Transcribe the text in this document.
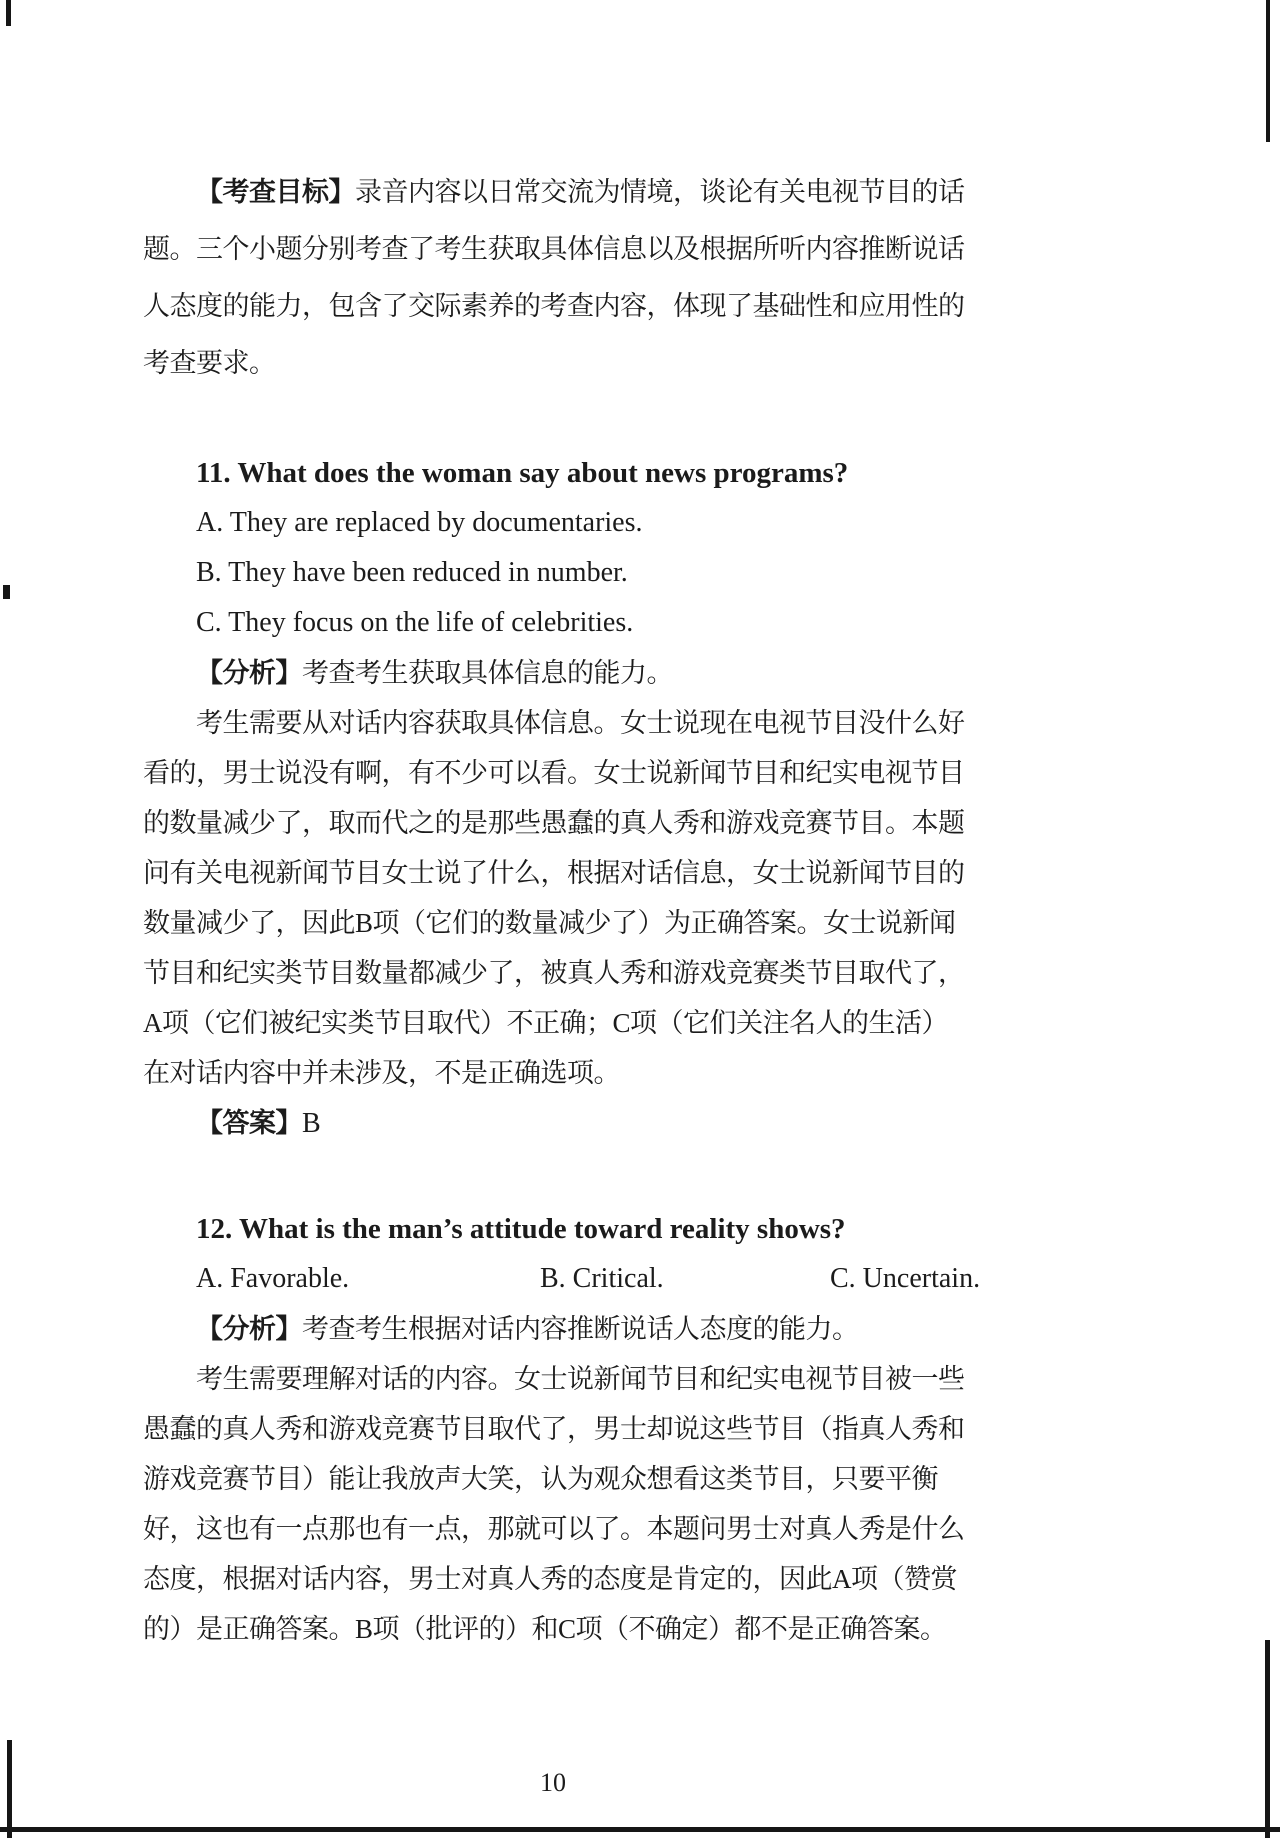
【考查目标】录音内容以日常交流为情境，谈论有关电视节目的话
题。三个小题分别考查了考生获取具体信息以及根据所听内容推断说话
人态度的能力，包含了交际素养的考查内容，体现了基础性和应用性的
考查要求。
11. What does the woman say about news programs?
A. They are replaced by documentaries.
B. They have been reduced in number.
C. They focus on the life of celebrities.
【分析】考查考生获取具体信息的能力。
考生需要从对话内容获取具体信息。女士说现在电视节目没什么好
看的，男士说没有啊，有不少可以看。女士说新闻节目和纪实电视节目
的数量减少了，取而代之的是那些愚蠢的真人秀和游戏竞赛节目。本题
问有关电视新闻节目女士说了什么，根据对话信息，女士说新闻节目的
数量减少了，因此B项（它们的数量减少了）为正确答案。女士说新闻
节目和纪实类节目数量都减少了，被真人秀和游戏竞赛类节目取代了，
A项（它们被纪实类节目取代）不正确；C项（它们关注名人的生活）
在对话内容中并未涉及，不是正确选项。
【答案】B
12. What is the man’s attitude toward reality shows?
A. Favorable.	B. Critical.	C. Uncertain.
【分析】考查考生根据对话内容推断说话人态度的能力。
考生需要理解对话的内容。女士说新闻节目和纪实电视节目被一些
愚蠢的真人秀和游戏竞赛节目取代了，男士却说这些节目（指真人秀和
游戏竞赛节目）能让我放声大笑，认为观众想看这类节目，只要平衡
好，这也有一点那也有一点，那就可以了。本题问男士对真人秀是什么
态度，根据对话内容，男士对真人秀的态度是肯定的，因此A项（赞赏
的）是正确答案。B项（批评的）和C项（不确定）都不是正确答案。
10
